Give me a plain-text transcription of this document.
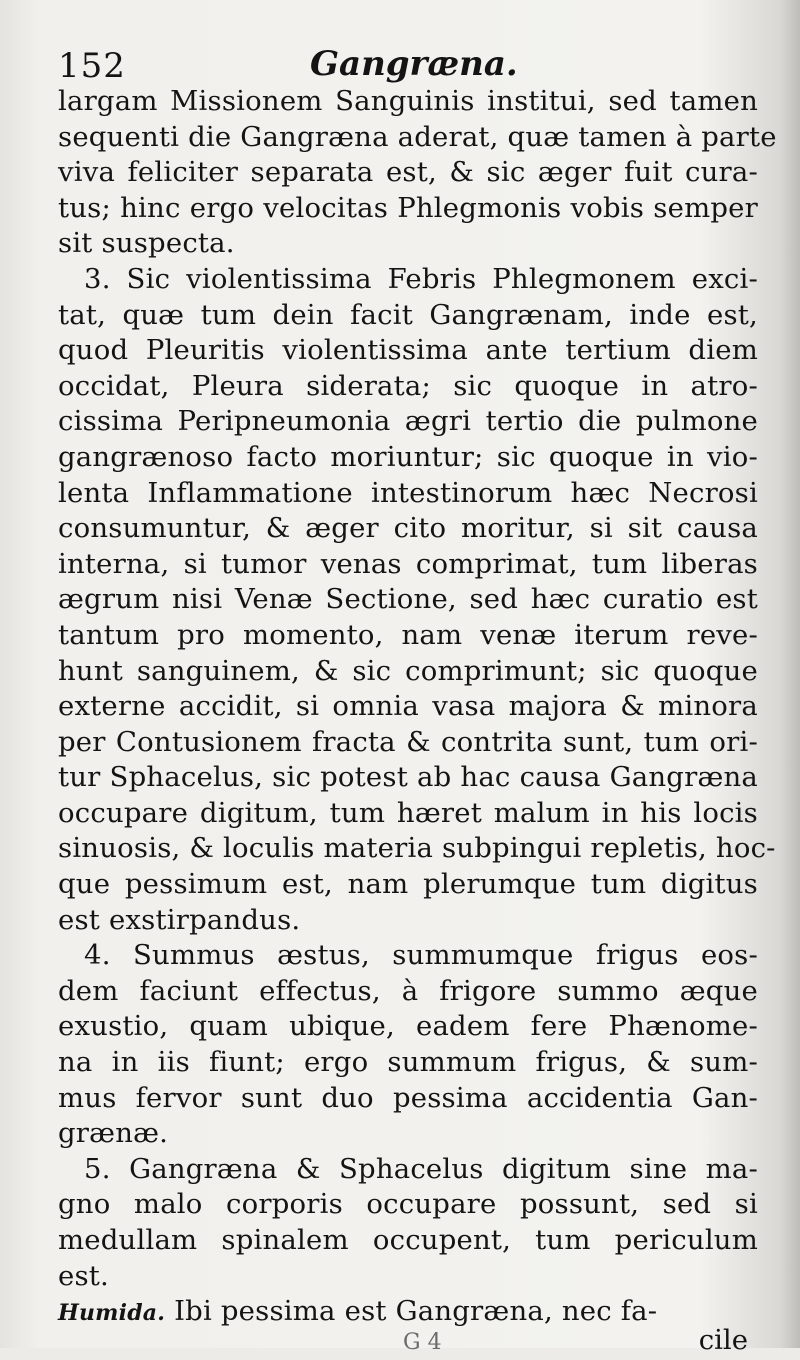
152	Gangræna.
largam Missionem Sanguinis institui, sed tamen
sequenti die Gangræna aderat, quæ tamen à parte
viva feliciter separata est, & sic æger fuit cura-
tus; hinc ergo velocitas Phlegmonis vobis semper
sit suspecta.
3. Sic violentissima Febris Phlegmonem exci-
tat, quæ tum dein facit Gangrænam, inde est,
quod Pleuritis violentissima ante tertium diem
occidat, Pleura siderata; sic quoque in atro-
cissima Peripneumonia ægri tertio die pulmone
gangrænoso facto moriuntur; sic quoque in vio-
lenta Inflammatione intestinorum hæc Necrosi
consumuntur, & æger cito moritur, si sit causa
interna, si tumor venas comprimat, tum liberas
ægrum nisi Venæ Sectione, sed hæc curatio est
tantum pro momento, nam venæ iterum reve-
hunt sanguinem, & sic comprimunt; sic quoque
externe accidit, si omnia vasa majora & minora
per Contusionem fracta & contrita sunt, tum ori-
tur Sphacelus, sic potest ab hac causa Gangræna
occupare digitum, tum hæret malum in his locis
sinuosis, & loculis materia subpingui repletis, hoc-
que pessimum est, nam plerumque tum digitus
est exstirpandus.
4. Summus æstus, summumque frigus eos-
dem faciunt effectus, à frigore summo æque
exustio, quam ubique, eadem fere Phænome-
na in iis fiunt; ergo summum frigus, & sum-
mus fervor sunt duo pessima accidentia Gan-
grænæ.
5. Gangræna & Sphacelus digitum sine ma-
gno malo corporis occupare possunt, sed si
medullam spinalem occupent, tum periculum
est.
Humida. Ibi pessima est Gangræna, nec fa-
G 4	cile
